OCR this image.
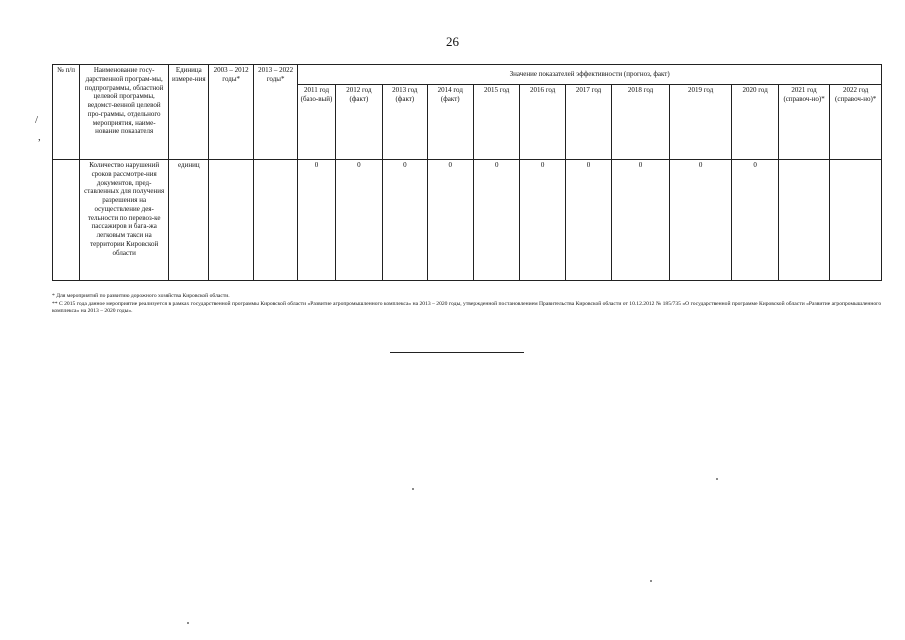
26
/
,
№ п/п	Наименование госу-дарственной програм-мы, подпрограммы, областной целевой программы, ведомст-венной целевой про-граммы, отдельного мероприятия, наиме-нование показателя	Единица измере-ния	2003 – 2012 годы*	2013 – 2022 годы*	Значение показателей эффективности (прогноз, факт)											
					2011 год (базо-вый)	2012 год (факт)	2013 год (факт)	2014 год (факт)	2015 год	2016 год	2017 год	2018 год	2019 год	2020 год	2021 год (справоч-но)*	2022 год (справоч-но)*
	Количество нарушений сроков рассмотре-ния документов, пред-ставленных для получения разрешения на осуществление дея-тельности по перевоз-ке пассажиров и бага-жа легковым такси на территории Кировской области	единиц			0	0	0	0	0	0	0	0	0	0		

* Для мероприятий по развитию дорожного хозяйства Кировской области.

** С 2015 года данное мероприятие реализуется в рамках государственной программы Кировской области «Развитие агропромышленного комплекса» на 2013 – 2020 годы, утвержденной постановлением Правительства Кировской области от 10.12.2012 № 185/735 «О государственной программе Кировской области «Развитие агропромышленного комплекса» на 2013 – 2020 годы».
